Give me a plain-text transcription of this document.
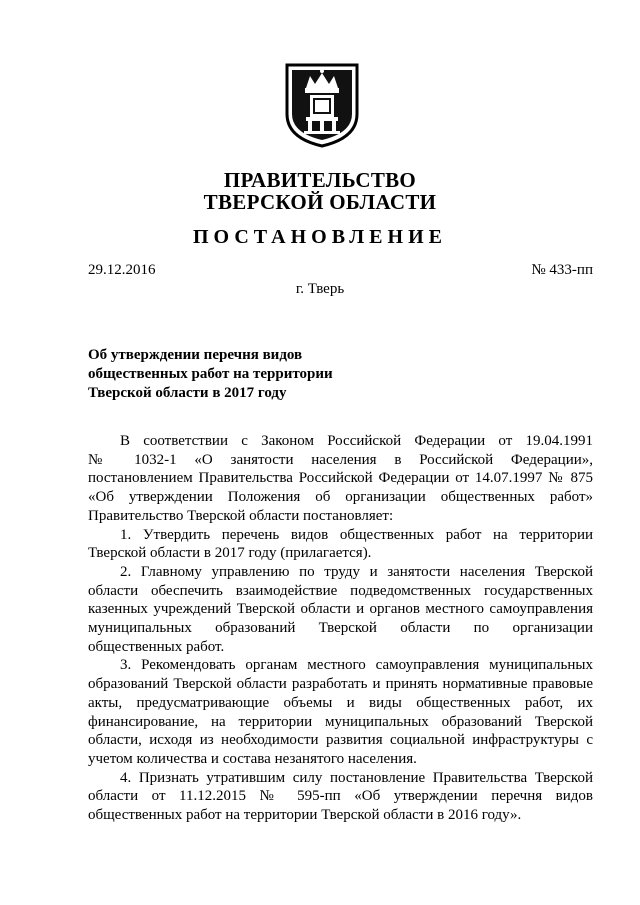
ПРАВИТЕЛЬСТВО
ТВЕРСКОЙ ОБЛАСТИ
ПОСТАНОВЛЕНИЕ
29.12.2016	№ 433-пп
г. Тверь
Об утверждении перечня видов
общественных работ на территории
Тверской области в 2017 году
В соответствии с Законом Российской Федерации от 19.04.1991
№ 1032-1 «О занятости населения в Российской Федерации»,
постановлением Правительства Российской Федерации от 14.07.1997 № 875
«Об утверждении Положения об организации общественных работ»
Правительство Тверской области постановляет:
1. Утвердить перечень видов общественных работ на территории
Тверской области в 2017 году (прилагается).
2. Главному управлению по труду и занятости населения Тверской
области обеспечить взаимодействие подведомственных государственных
казенных учреждений Тверской области и органов местного самоуправления
муниципальных образований Тверской области по организации
общественных работ.
3. Рекомендовать органам местного самоуправления муниципальных
образований Тверской области разработать и принять нормативные правовые
акты, предусматривающие объемы и виды общественных работ, их
финансирование, на территории муниципальных образований Тверской
области, исходя из необходимости развития социальной инфраструктуры с
учетом количества и состава незанятого населения.
4. Признать утратившим силу постановление Правительства Тверской
области от 11.12.2015 № 595-пп «Об утверждении перечня видов
общественных работ на территории Тверской области в 2016 году».
